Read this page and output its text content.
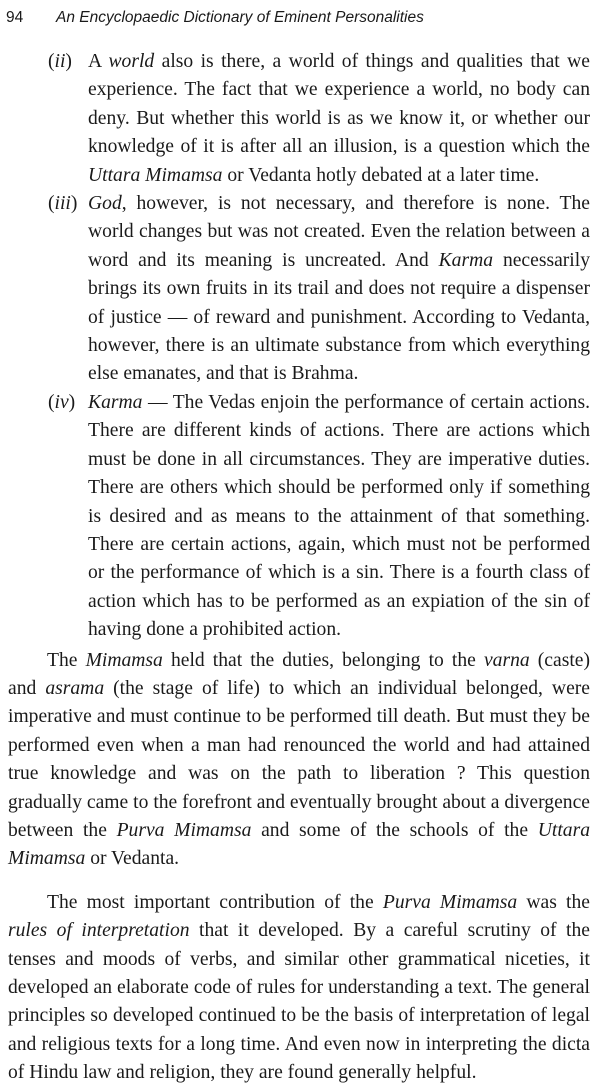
94 An Encyclopaedic Dictionary of Eminent Personalities

(ii) A world also is there, a world of things and qualities that we experience. The fact that we experience a world, no body can deny. But whether this world is as we know it, or whether our knowledge of it is after all an illusion, is a question which the Uttara Mimamsa or Vedanta hotly debated at a later time.

(iii) God, however, is not necessary, and therefore is none. The world changes but was not created. Even the relation between a word and its meaning is uncreated. And Karma necessarily brings its own fruits in its trail and does not require a dispenser of justice — of reward and punishment. According to Vedanta, however, there is an ultimate substance from which everything else emanates, and that is Brahma.

(iv) Karma — The Vedas enjoin the performance of certain actions. There are different kinds of actions. There are actions which must be done in all circumstances. They are imperative duties. There are others which should be performed only if something is desired and as means to the attainment of that something. There are certain actions, again, which must not be performed or the performance of which is a sin. There is a fourth class of action which has to be performed as an expiation of the sin of having done a prohibited action.

The Mimamsa held that the duties, belonging to the varna (caste) and asrama (the stage of life) to which an individual belonged, were imperative and must continue to be performed till death. But must they be performed even when a man had renounced the world and had attained true knowledge and was on the path to liberation ? This question gradually came to the forefront and eventually brought about a divergence between the Purva Mimamsa and some of the schools of the Uttara Mimamsa or Vedanta.

The most important contribution of the Purva Mimamsa was the rules of interpretation that it developed. By a careful scrutiny of the tenses and moods of verbs, and similar other grammatical niceties, it developed an elaborate code of rules for understanding a text. The general principles so developed continued to be the basis of interpretation of legal and religious texts for a long time. And even now in interpreting the dicta of Hindu law and religion, they are found generally helpful.
